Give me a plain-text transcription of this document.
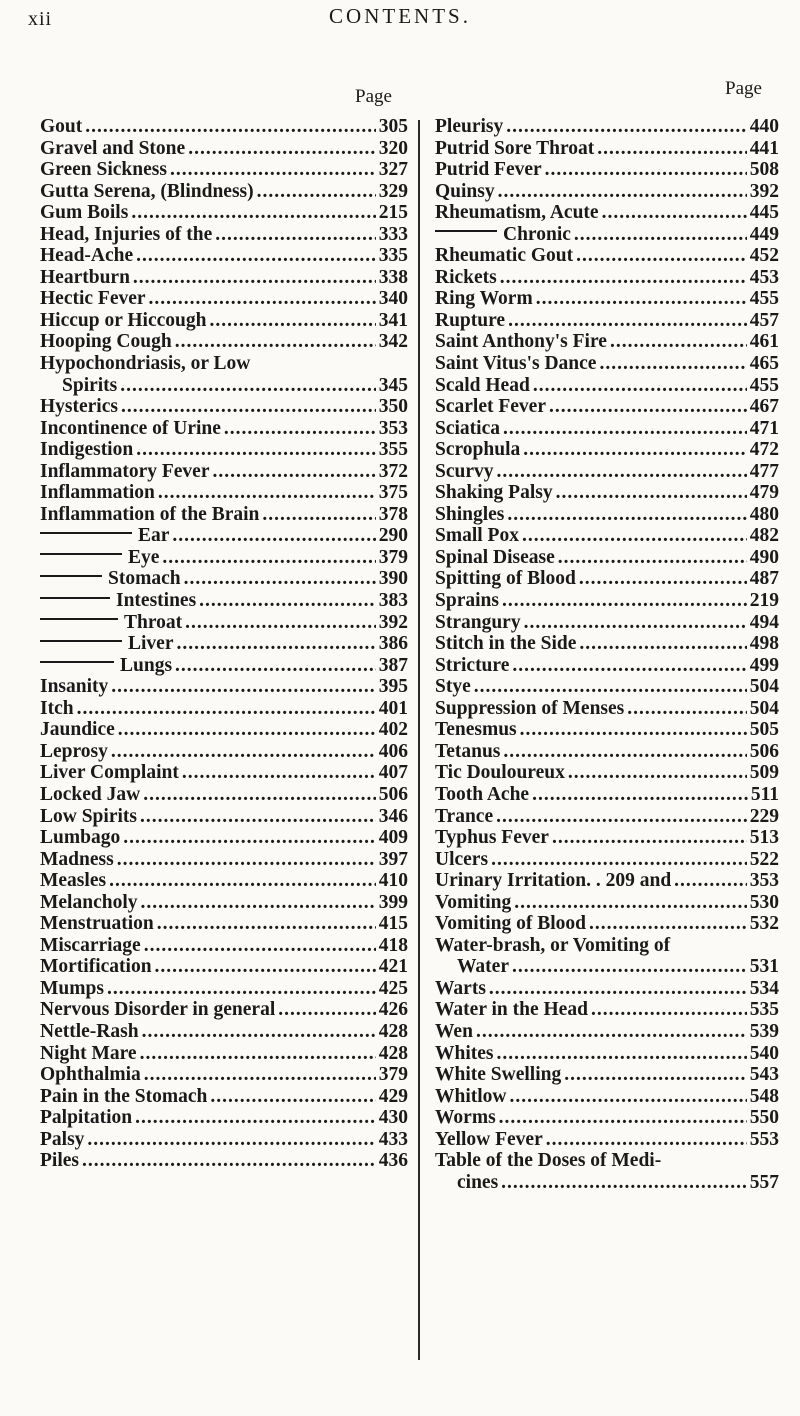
xii	CONTENTS.
Page	Page
Gout .....	305
Gravel and Stone .....	320
Green Sickness .....	327
Gutta Serena, (Blindness) .....	329
Gum Boils .....	215
Head, Injuries of the .....	333
Head-Ache .....	335
Heartburn .....	338
Hectic Fever .....	340
Hiccup or Hiccough .....	341
Hooping Cough .....	342
Hypochondriasis, or Low
Spirits .....	345
Hysterics .....	350
Incontinence of Urine .....	353
Indigestion .....	355
Inflammatory Fever .....	372
Inflammation .....	375
Inflammation of the Brain .....	378
Ear .....	290
Eye .....	379
Stomach .....	390
Intestines .....	383
Throat .....	392
Liver .....	386
Lungs .....	387
Insanity .....	395
Itch .....	401
Jaundice .....	402
Leprosy .....	406
Liver Complaint .....	407
Locked Jaw .....	506
Low Spirits .....	346
Lumbago .....	409
Madness .....	397
Measles .....	410
Melancholy .....	399
Menstruation .....	415
Miscarriage .....	418
Mortification .....	421
Mumps .....	425
Nervous Disorder in general .....	426
Nettle-Rash .....	428
Night Mare .....	428
Ophthalmia .....	379
Pain in the Stomach .....	429
Palpitation .....	430
Palsy .....	433
Piles .....	436
Pleurisy .....	440
Putrid Sore Throat .....	441
Putrid Fever .....	508
Quinsy .....	392
Rheumatism, Acute .....	445
Chronic .....	449
Rheumatic Gout .....	452
Rickets .....	453
Ring Worm .....	455
Rupture .....	457
Saint Anthony's Fire .....	461
Saint Vitus's Dance .....	465
Scald Head .....	455
Scarlet Fever .....	467
Sciatica .....	471
Scrophula .....	472
Scurvy .....	477
Shaking Palsy .....	479
Shingles .....	480
Small Pox .....	482
Spinal Disease .....	490
Spitting of Blood .....	487
Sprains .....	219
Strangury .....	494
Stitch in the Side .....	498
Stricture .....	499
Stye .....	504
Suppression of Menses .....	504
Tenesmus .....	505
Tetanus .....	506
Tic Douloureux .....	509
Tooth Ache .....	511
Trance .....	229
Typhus Fever .....	513
Ulcers .....	522
Urinary Irritation. . 209 and .....	353
Vomiting .....	530
Vomiting of Blood .....	532
Water-brash, or Vomiting of
Water .....	531
Warts .....	534
Water in the Head .....	535
Wen .....	539
Whites .....	540
White Swelling .....	543
Whitlow .....	548
Worms .....	550
Yellow Fever .....	553
Table of the Doses of Medi-
cines .....	557
